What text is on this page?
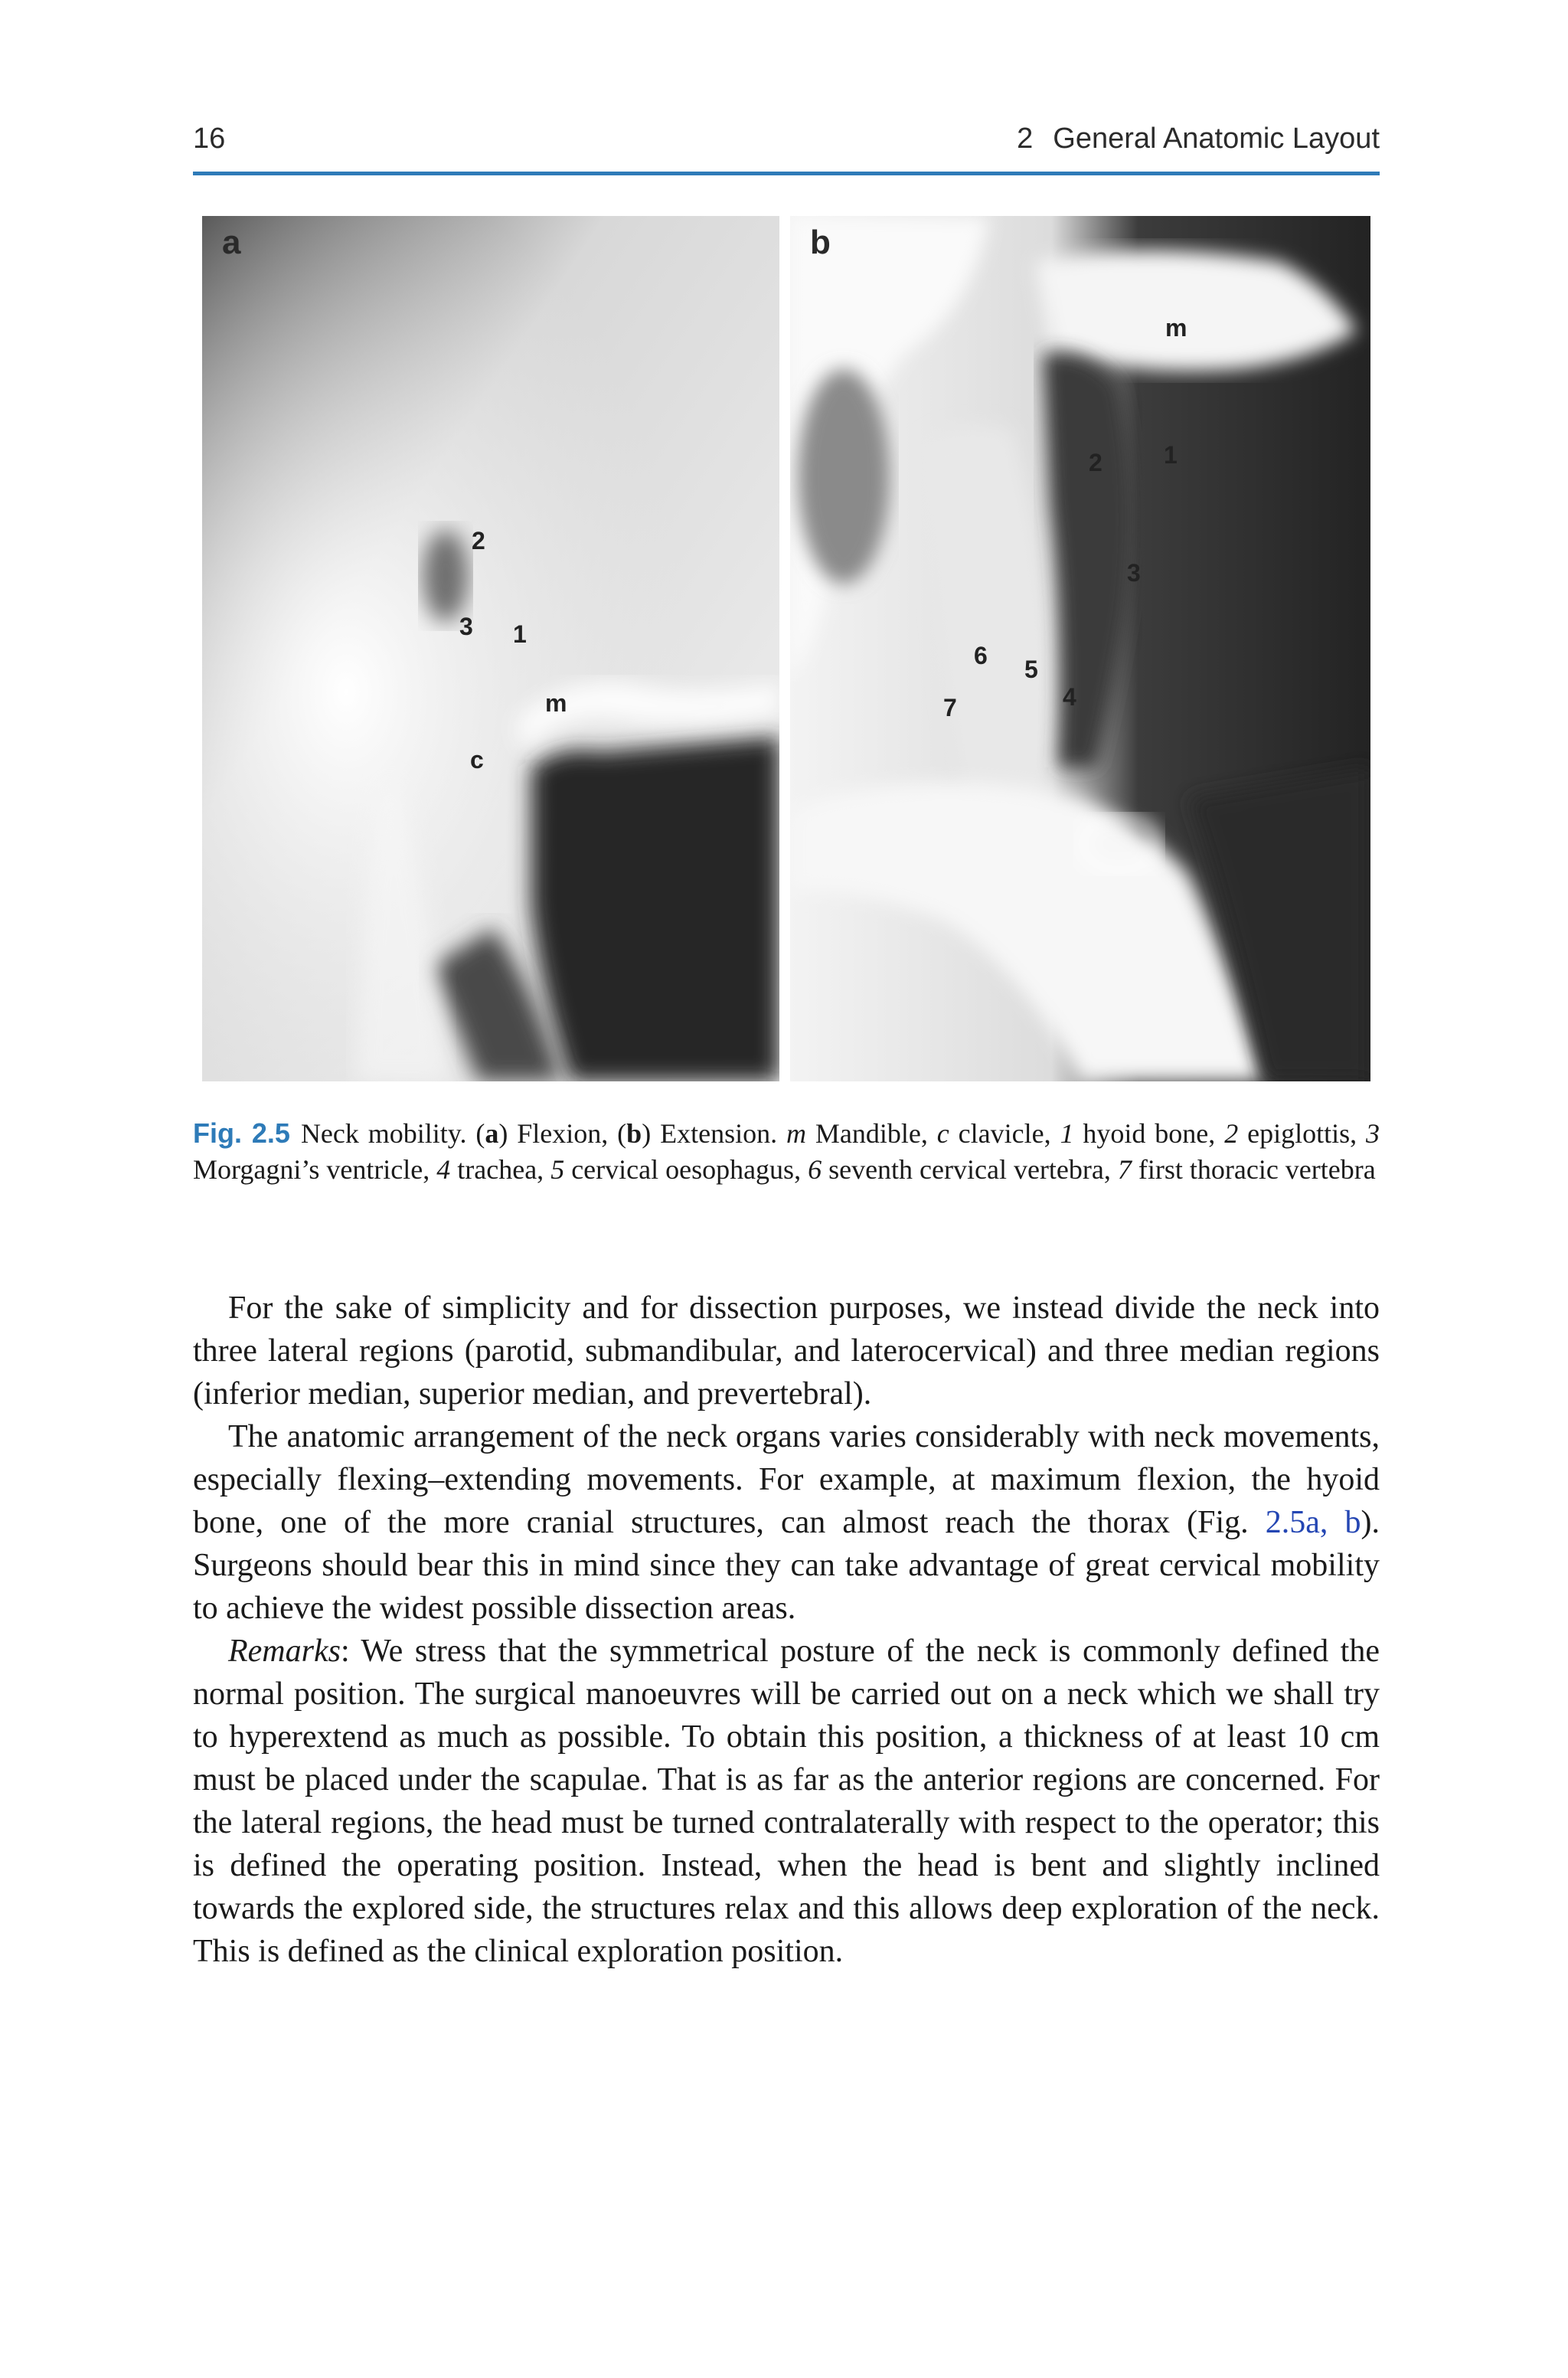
16	2 General Anatomic Layout
a
2
3 1
m
c
b
m
2	1
3
6 5
4
7
Fig. 2.5 Neck mobility. (a) Flexion, (b) Extension. m Mandible, c clavicle, 1 hyoid bone, 2 epiglottis, 3 Morgagni’s ventricle, 4 trachea, 5 cervical oesophagus, 6 seventh cervical vertebra, 7 first thoracic vertebra

For the sake of simplicity and for dissection purposes, we instead divide the neck into three lateral regions (parotid, submandibular, and laterocervical) and three median regions (inferior median, superior median, and prevertebral).

The anatomic arrangement of the neck organs varies considerably with neck movements, especially flexing–extending movements. For example, at maximum flexion, the hyoid bone, one of the more cranial structures, can almost reach the thorax (Fig. 2.5a, b). Surgeons should bear this in mind since they can take advantage of great cervical mobility to achieve the widest possible dissection areas.

Remarks: We stress that the symmetrical posture of the neck is commonly defined the normal position. The surgical manoeuvres will be carried out on a neck which we shall try to hyperextend as much as possible. To obtain this position, a thickness of at least 10 cm must be placed under the scapulae. That is as far as the anterior regions are concerned. For the lateral regions, the head must be turned contralaterally with respect to the operator; this is defined the operating position. Instead, when the head is bent and slightly inclined towards the explored side, the structures relax and this allows deep exploration of the neck. This is defined as the clinical exploration position.
